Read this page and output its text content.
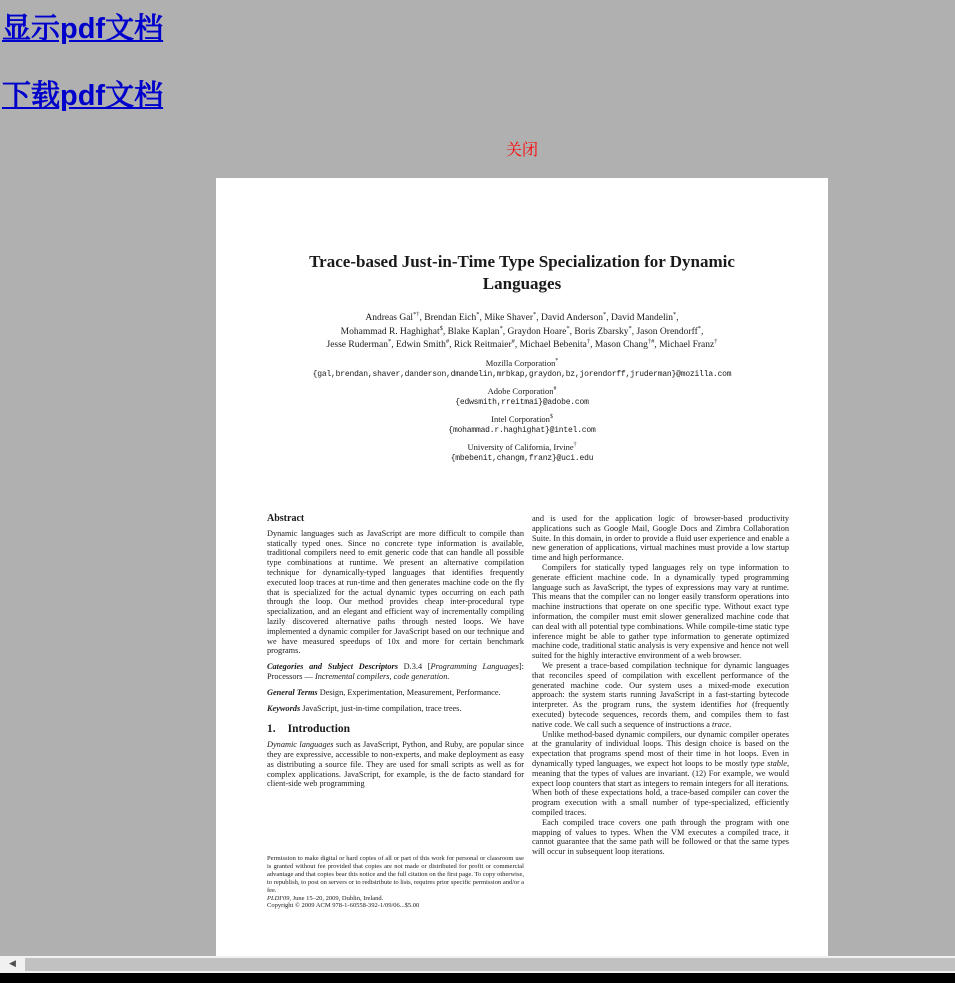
显示pdf文档
下载pdf文档
关闭
Trace-based Just-in-Time Type Specialization for Dynamic Languages
Andreas Gal*†, Brendan Eich*, Mike Shaver*, David Anderson*, David Mandelin*,
Mohammad R. Haghighat$, Blake Kaplan*, Graydon Hoare*, Boris Zbarsky*, Jason Orendorff*,
Jesse Ruderman*, Edwin Smith#, Rick Reitmaier#, Michael Bebenita†, Mason Chang†#, Michael Franz†
Mozilla Corporation*
{gal,brendan,shaver,danderson,dmandelin,mrbkap,graydon,bz,jorendorff,jruderman}@mozilla.com
Adobe Corporation#
{edwsmith,rreitmai}@adobe.com
Intel Corporation$
{mohammad.r.haghighat}@intel.com
University of California, Irvine†
{mbebenit,changm,franz}@uci.edu
Abstract

Dynamic languages such as JavaScript are more difficult to compile than statically typed ones. Since no concrete type information is available, traditional compilers need to emit generic code that can handle all possible type combinations at runtime. We present an alternative compilation technique for dynamically-typed languages that identifies frequently executed loop traces at run-time and then generates machine code on the fly that is specialized for the actual dynamic types occurring on each path through the loop. Our method provides cheap inter-procedural type specialization, and an elegant and efficient way of incrementally compiling lazily discovered alternative paths through nested loops. We have implemented a dynamic compiler for JavaScript based on our technique and we have measured speedups of 10x and more for certain benchmark programs.

Categories and Subject Descriptors D.3.4 [Programming Languages]: Processors — Incremental compilers, code generation.

General Terms Design, Experimentation, Measurement, Performance.

Keywords JavaScript, just-in-time compilation, trace trees.

1. Introduction

Dynamic languages such as JavaScript, Python, and Ruby, are popular since they are expressive, accessible to non-experts, and make deployment as easy as distributing a source file. They are used for small scripts as well as for complex applications. JavaScript, for example, is the de facto standard for client-side web programming

and is used for the application logic of browser-based productivity applications such as Google Mail, Google Docs and Zimbra Collaboration Suite. In this domain, in order to provide a fluid user experience and enable a new generation of applications, virtual machines must provide a low startup time and high performance.

Compilers for statically typed languages rely on type information to generate efficient machine code. In a dynamically typed programming language such as JavaScript, the types of expressions may vary at runtime. This means that the compiler can no longer easily transform operations into machine instructions that operate on one specific type. Without exact type information, the compiler must emit slower generalized machine code that can deal with all potential type combinations. While compile-time static type inference might be able to gather type information to generate optimized machine code, traditional static analysis is very expensive and hence not well suited for the highly interactive environment of a web browser.

We present a trace-based compilation technique for dynamic languages that reconciles speed of compilation with excellent performance of the generated machine code. Our system uses a mixed-mode execution approach: the system starts running JavaScript in a fast-starting bytecode interpreter. As the program runs, the system identifies hot (frequently executed) bytecode sequences, records them, and compiles them to fast native code. We call such a sequence of instructions a trace.

Unlike method-based dynamic compilers, our dynamic compiler operates at the granularity of individual loops. This design choice is based on the expectation that programs spend most of their time in hot loops. Even in dynamically typed languages, we expect hot loops to be mostly type stable, meaning that the types of values are invariant. (12) For example, we would expect loop counters that start as integers to remain integers for all iterations. When both of these expectations hold, a trace-based compiler can cover the program execution with a small number of type-specialized, efficiently compiled traces.

Each compiled trace covers one path through the program with one mapping of values to types. When the VM executes a compiled trace, it cannot guarantee that the same path will be followed or that the same types will occur in subsequent loop iterations.

Permission to make digital or hard copies of all or part of this work for personal or classroom use is granted without fee provided that copies are not made or distributed for profit or commercial advantage and that copies bear this notice and the full citation on the first page. To copy otherwise, to republish, to post on servers or to redistribute to lists, requires prior specific permission and/or a fee.

PLDI'09, June 15–20, 2009, Dublin, Ireland.
Copyright © 2009 ACM 978-1-60558-392-1/09/06...$5.00
◀
